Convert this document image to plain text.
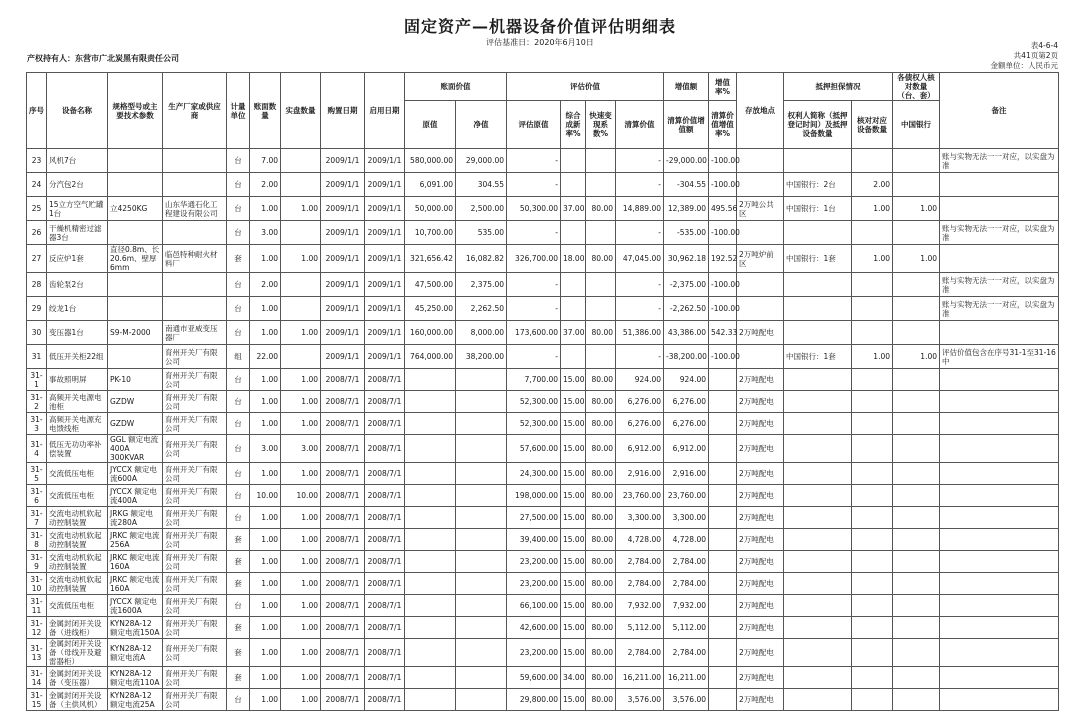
固定资产—机器设备价值评估明细表
评估基准日：2020年6月10日
产权持有人：东营市广北炭黑有限责任公司
表4-6-4
共41页第2页
金额单位：人民币元
序号	设备名称	规格型号或主要技术参数	生产厂家或供应商	计量单位	账面数量	实盘数量	购置日期	启用日期	账面价值		评估价值				增值额	增值率%	存放地点	抵押担保情况		各债权人核对数量（台、套）	备注
									原值	净值	评估原值	综合成新率%	快速变现系数%	清算价值	清算价值增值额	清算价值增值率%		权利人简称（抵押登记时间）及抵押设备数量	核对对应设备数量	中国银行	
23	风机7台			台	7.00		2009/1/1	2009/1/1	580,000.00	29,000.00	-			-	-29,000.00	-100.00					账与实物无法一一对应，以实盘为准
24	分汽包2台			台	2.00		2009/1/1	2009/1/1	6,091.00	304.55	-			-	-304.55	-100.00		中国银行：2台	2.00		
25	15立方空气贮罐1台	立4250KG	山东华通石化工程建设有限公司	台	1.00	1.00	2009/1/1	2009/1/1	50,000.00	2,500.00	50,300.00	37.00	80.00	14,889.00	12,389.00	495.56	2万吨公共区	中国银行：1台	1.00	1.00	
26	干燥机精密过滤器3台			台	3.00		2009/1/1	2009/1/1	10,700.00	535.00	-			-	-535.00	-100.00					账与实物无法一一对应，以实盘为准
27	反应炉1套	直径0.8m、长20.6m、壁厚6mm	临邑特种耐火材料厂	套	1.00	1.00	2009/1/1	2009/1/1	321,656.42	16,082.82	326,700.00	18.00	80.00	47,045.00	30,962.18	192.52	2万吨炉前区	中国银行：1套	1.00	1.00	
28	齿轮泵2台			台	2.00		2009/1/1	2009/1/1	47,500.00	2,375.00	-			-	-2,375.00	-100.00					账与实物无法一一对应，以实盘为准
29	绞龙1台			台	1.00		2009/1/1	2009/1/1	45,250.00	2,262.50	-			-	-2,262.50	-100.00					账与实物无法一一对应，以实盘为准
30	变压器1台	S9-M-2000	南通市亚威变压器厂	台	1.00	1.00	2009/1/1	2009/1/1	160,000.00	8,000.00	173,600.00	37.00	80.00	51,386.00	43,386.00	542.33	2万吨配电				
31	低压开关柜22组		育州开关厂有限公司	组	22.00		2009/1/1	2009/1/1	764,000.00	38,200.00	-			-	-38,200.00	-100.00		中国银行：1套	1.00	1.00	评估价值包含在序号31-1至31-16中
31-1	事故照明屏	PK-10	育州开关厂有限公司	台	1.00	1.00	2008/7/1	2008/7/1			7,700.00	15.00	80.00	924.00	924.00		2万吨配电				
31-2	高频开关电源电池柜	GZDW	育州开关厂有限公司	台	1.00	1.00	2008/7/1	2008/7/1			52,300.00	15.00	80.00	6,276.00	6,276.00		2万吨配电				
31-3	高频开关电源充电馈线柜	GZDW	育州开关厂有限公司	台	1.00	1.00	2008/7/1	2008/7/1			52,300.00	15.00	80.00	6,276.00	6,276.00		2万吨配电				
31-4	低压无功功率补偿装置	GGL 额定电流400A 300KVAR	育州开关厂有限公司	台	3.00	3.00	2008/7/1	2008/7/1			57,600.00	15.00	80.00	6,912.00	6,912.00		2万吨配电				
31-5	交流低压电柜	JYCCX 额定电流600A	育州开关厂有限公司	台	1.00	1.00	2008/7/1	2008/7/1			24,300.00	15.00	80.00	2,916.00	2,916.00		2万吨配电				
31-6	交流低压电柜	JYCCX 额定电流400A	育州开关厂有限公司	台	10.00	10.00	2008/7/1	2008/7/1			198,000.00	15.00	80.00	23,760.00	23,760.00		2万吨配电				
31-7	交流电动机软起动控制装置	JRKG 额定电流280A	育州开关厂有限公司	台	1.00	1.00	2008/7/1	2008/7/1			27,500.00	15.00	80.00	3,300.00	3,300.00		2万吨配电				
31-8	交流电动机软起动控制装置	JRKC 额定电流256A	育州开关厂有限公司	套	1.00	1.00	2008/7/1	2008/7/1			39,400.00	15.00	80.00	4,728.00	4,728.00		2万吨配电				
31-9	交流电动机软起动控制装置	JRKC 额定电流160A	育州开关厂有限公司	套	1.00	1.00	2008/7/1	2008/7/1			23,200.00	15.00	80.00	2,784.00	2,784.00		2万吨配电				
31-10	交流电动机软起动控制装置	JRKC 额定电流160A	育州开关厂有限公司	套	1.00	1.00	2008/7/1	2008/7/1			23,200.00	15.00	80.00	2,784.00	2,784.00		2万吨配电				
31-11	交流低压电柜	JYCCX 额定电流1600A	育州开关厂有限公司	台	1.00	1.00	2008/7/1	2008/7/1			66,100.00	15.00	80.00	7,932.00	7,932.00		2万吨配电				
31-12	金属封闭开关设备（进线柜）	KYN28A-12 额定电流150A	育州开关厂有限公司	套	1.00	1.00	2008/7/1	2008/7/1			42,600.00	15.00	80.00	5,112.00	5,112.00		2万吨配电				
31-13	金属封闭开关设备（母线开及避雷器柜）	KYN28A-12 额定电流A	育州开关厂有限公司	套	1.00	1.00	2008/7/1	2008/7/1			23,200.00	15.00	80.00	2,784.00	2,784.00		2万吨配电				
31-14	金属封闭开关设备（变压器）	KYN28A-12 额定电流110A	育州开关厂有限公司	套	1.00	1.00	2008/7/1	2008/7/1			59,600.00	34.00	80.00	16,211.00	16,211.00		2万吨配电				
31-15	金属封闭开关设备（主供风机）	KYN28A-12 额定电流25A	育州开关厂有限公司	台	1.00	1.00	2008/7/1	2008/7/1			29,800.00	15.00	80.00	3,576.00	3,576.00		2万吨配电				
